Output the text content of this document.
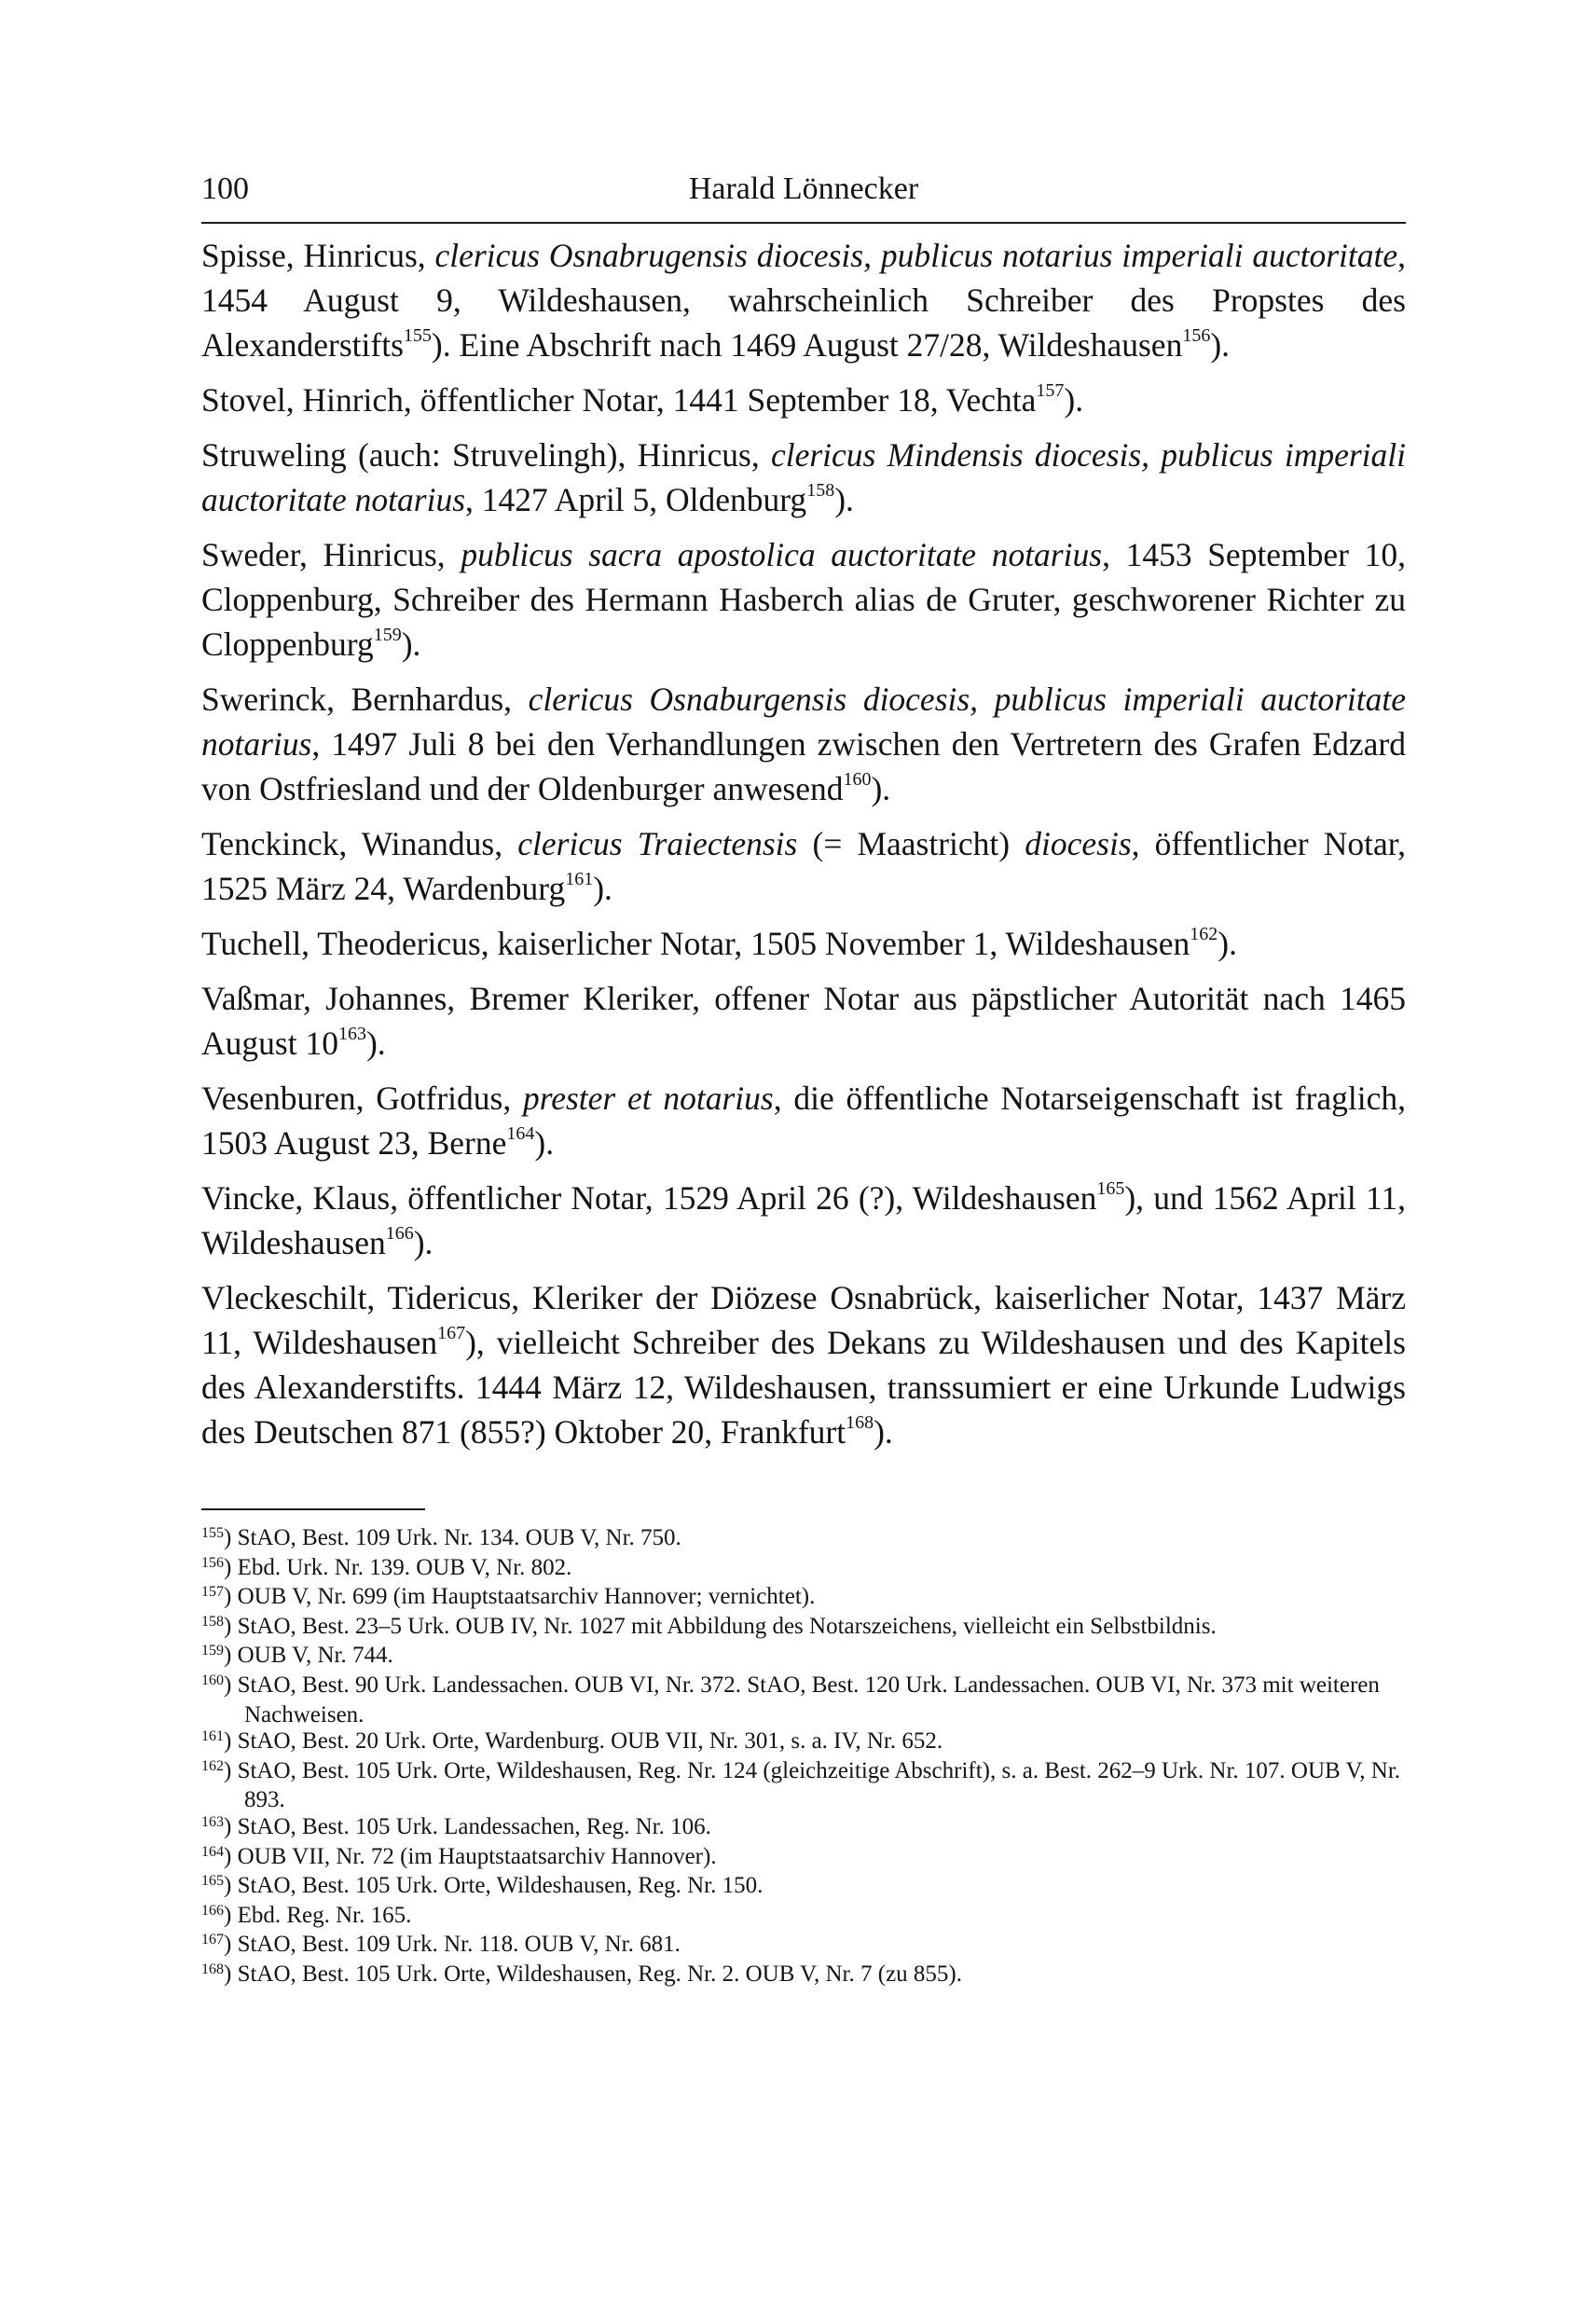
100	Harald Lönnecker

Spisse, Hinricus, clericus Osnabrugensis diocesis, publicus notarius imperiali auctoritate, 1454 August 9, Wildeshausen, wahrscheinlich Schreiber des Propstes des Alexanderstifts$^{155}$). Eine Abschrift nach 1469 August 27/28, Wildeshausen$^{156}$).

Stovel, Hinrich, öffentlicher Notar, 1441 September 18, Vechta$^{157}$).

Struweling (auch: Struvelingh), Hinricus, clericus Mindensis diocesis, publicus imperiali auctoritate notarius, 1427 April 5, Oldenburg$^{158}$).

Sweder, Hinricus, publicus sacra apostolica auctoritate notarius, 1453 September 10, Cloppenburg, Schreiber des Hermann Hasberch alias de Gruter, geschworener Richter zu Cloppenburg$^{159}$).

Swerinck, Bernhardus, clericus Osnaburgensis diocesis, publicus imperiali auctoritate notarius, 1497 Juli 8 bei den Verhandlungen zwischen den Vertretern des Grafen Edzard von Ostfriesland und der Oldenburger anwesend$^{160}$).

Tenckinck, Winandus, clericus Traiectensis (= Maastricht) diocesis, öffentlicher Notar, 1525 März 24, Wardenburg$^{161}$).

Tuchell, Theodericus, kaiserlicher Notar, 1505 November 1, Wildeshausen$^{162}$).

Vaßmar, Johannes, Bremer Kleriker, offener Notar aus päpstlicher Autorität nach 1465 August $10^{163}$).

Vesenburen, Gotfridus, prester et notarius, die öffentliche Notarseigenschaft ist fraglich, 1503 August 23, Berne$^{164}$).

Vincke, Klaus, öffentlicher Notar, 1529 April 26 (?), Wildeshausen$^{165}$), und 1562 April 11, Wildeshausen$^{166}$).

Vleckeschilt, Tidericus, Kleriker der Diözese Osnabrück, kaiserlicher Notar, 1437 März 11, Wildeshausen$^{167}$), vielleicht Schreiber des Dekans zu Wildeshausen und des Kapitels des Alexanderstifts. 1444 März 12, Wildeshausen, transsumiert er eine Urkunde Ludwigs des Deutschen 871 (855?) Oktober 20, Frankfurt$^{168}$).

$^{155}$) StAO, Best. 109 Urk. Nr. 134. OUB V, Nr. 750.
$^{156}$) Ebd. Urk. Nr. 139. OUB V, Nr. 802.
$^{157}$) OUB V, Nr. 699 (im Hauptstaatsarchiv Hannover; vernichtet).
$^{158}$) StAO, Best. 23–5 Urk. OUB IV, Nr. 1027 mit Abbildung des Notarszeichens, vielleicht ein Selbstbildnis.
$^{159}$) OUB V, Nr. 744.
$^{160}$) StAO, Best. 90 Urk. Landessachen. OUB VI, Nr. 372. StAO, Best. 120 Urk. Landessachen. OUB VI, Nr. 373 mit weiteren Nachweisen.
$^{161}$) StAO, Best. 20 Urk. Orte, Wardenburg. OUB VII, Nr. 301, s. a. IV, Nr. 652.
$^{162}$) StAO, Best. 105 Urk. Orte, Wildeshausen, Reg. Nr. 124 (gleichzeitige Abschrift), s. a. Best. 262–9 Urk. Nr. 107. OUB V, Nr. 893.
$^{163}$) StAO, Best. 105 Urk. Landessachen, Reg. Nr. 106.
$^{164}$) OUB VII, Nr. 72 (im Hauptstaatsarchiv Hannover).
$^{165}$) StAO, Best. 105 Urk. Orte, Wildeshausen, Reg. Nr. 150.
$^{166}$) Ebd. Reg. Nr. 165.
$^{167}$) StAO, Best. 109 Urk. Nr. 118. OUB V, Nr. 681.
$^{168}$) StAO, Best. 105 Urk. Orte, Wildeshausen, Reg. Nr. 2. OUB V, Nr. 7 (zu 855).
